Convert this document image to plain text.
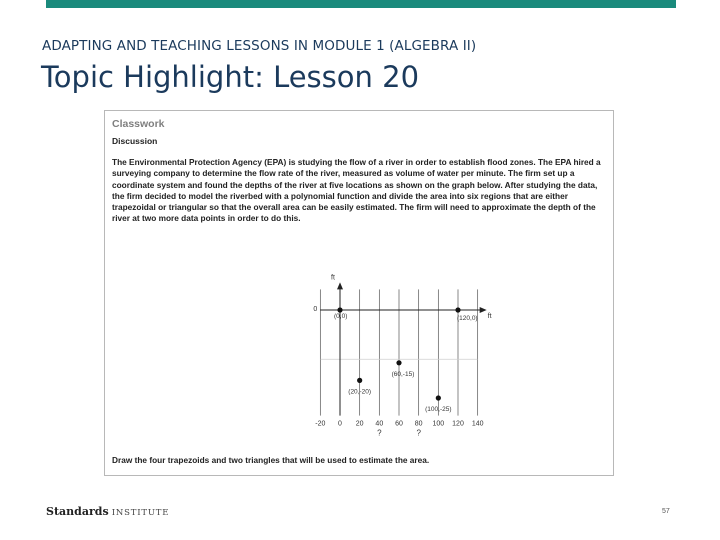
ADAPTING AND TEACHING LESSONS IN MODULE 1 (ALGEBRA II)
Topic Highlight: Lesson 20
Classwork
Discussion

The Environmental Protection Agency (EPA) is studying the flow of a river in order to establish flood zones. The EPA hired a surveying company to determine the flow rate of the river, measured as volume of water per minute. The firm set up a coordinate system and found the depths of the river at five locations as shown on the graph below. After studying the data, the firm decided to model the riverbed with a polynomial function and divide the area into six regions that are either trapezoidal or triangular so that the overall area can be easily estimated. The firm will need to approximate the depth of the river at two more data points in order to do this.

Draw the four trapezoids and two triangles that will be used to estimate the area.
ft
ft
0
-20 0 20 40 60 80 100 120 140
(0,0)
(20,-20)
(60,-15)
(100,-25)
(120,0)
?	?
Standards INSTITUTE	57
